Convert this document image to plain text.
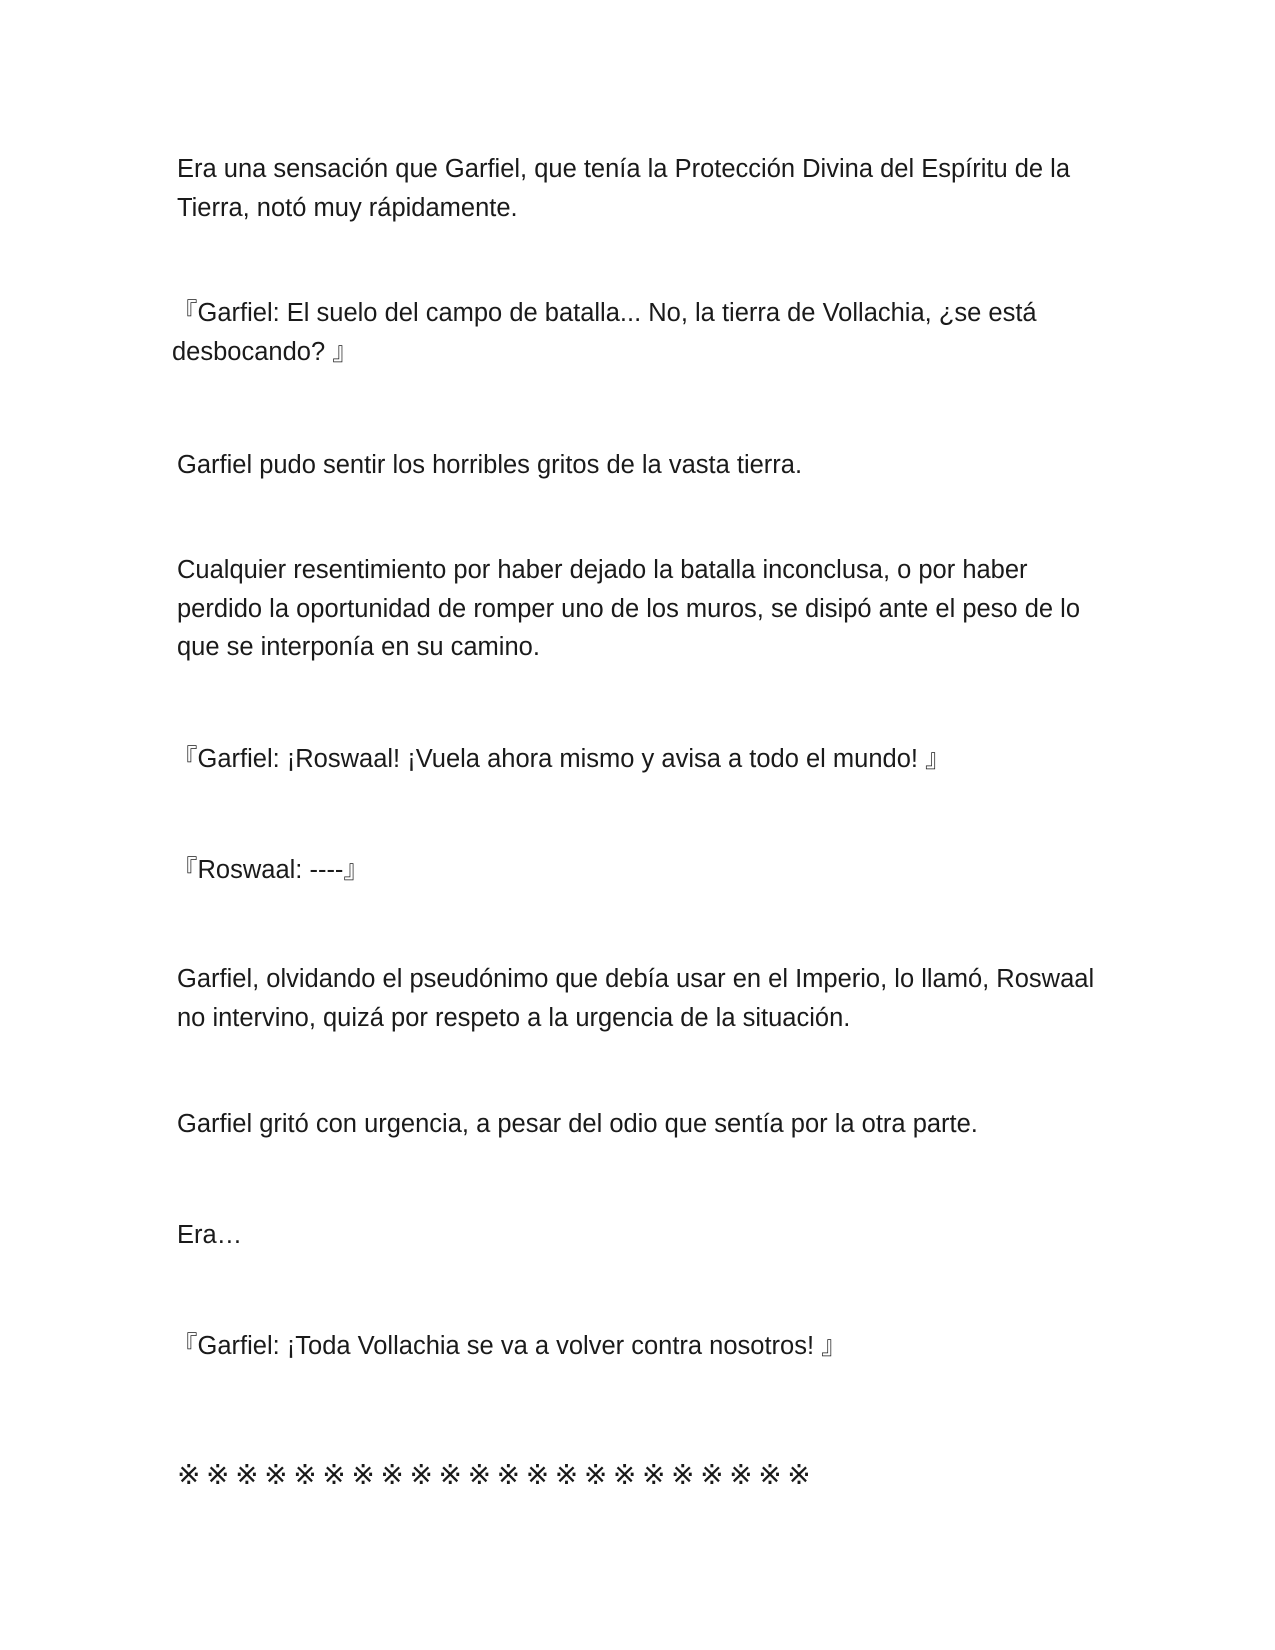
Era una sensación que Garfiel, que tenía la Protección Divina del Espíritu de la Tierra, notó muy rápidamente.

『Garfiel: El suelo del campo de batalla... No, la tierra de Vollachia, ¿se está desbocando? 』

Garfiel pudo sentir los horribles gritos de la vasta tierra.

Cualquier resentimiento por haber dejado la batalla inconclusa, o por haber perdido la oportunidad de romper uno de los muros, se disipó ante el peso de lo que se interponía en su camino.

『Garfiel: ¡Roswaal! ¡Vuela ahora mismo y avisa a todo el mundo! 』

『Roswaal: ----』

Garfiel, olvidando el pseudónimo que debía usar en el Imperio, lo llamó, Roswaal no intervino, quizá por respeto a la urgencia de la situación.

Garfiel gritó con urgencia, a pesar del odio que sentía por la otra parte.

Era…

『Garfiel: ¡Toda Vollachia se va a volver contra nosotros! 』

※※※※※※※※※※※※※※※※※※※※※※
